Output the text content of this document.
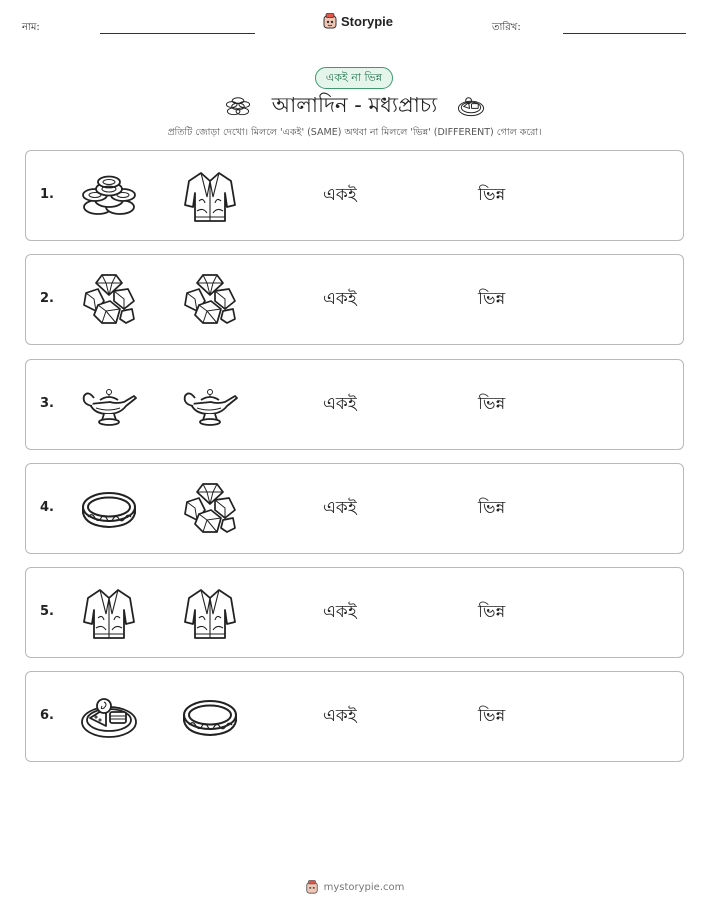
নাম:	Storypie	তারিখ:
একই না ভিন্ন
আলাদিন - মধ্যপ্রাচ্য
প্রতিটি জোড়া দেখো। মিললে 'একই' (SAME) অথবা না মিললে 'ভিন্ন' (DIFFERENT) গোল করো।
1.	একই	ভিন্ন
2.	একই	ভিন্ন
3.	একই	ভিন্ন
4.	একই	ভিন্ন
5.	একই	ভিন্ন
6.	একই	ভিন্ন
mystorypie.com
